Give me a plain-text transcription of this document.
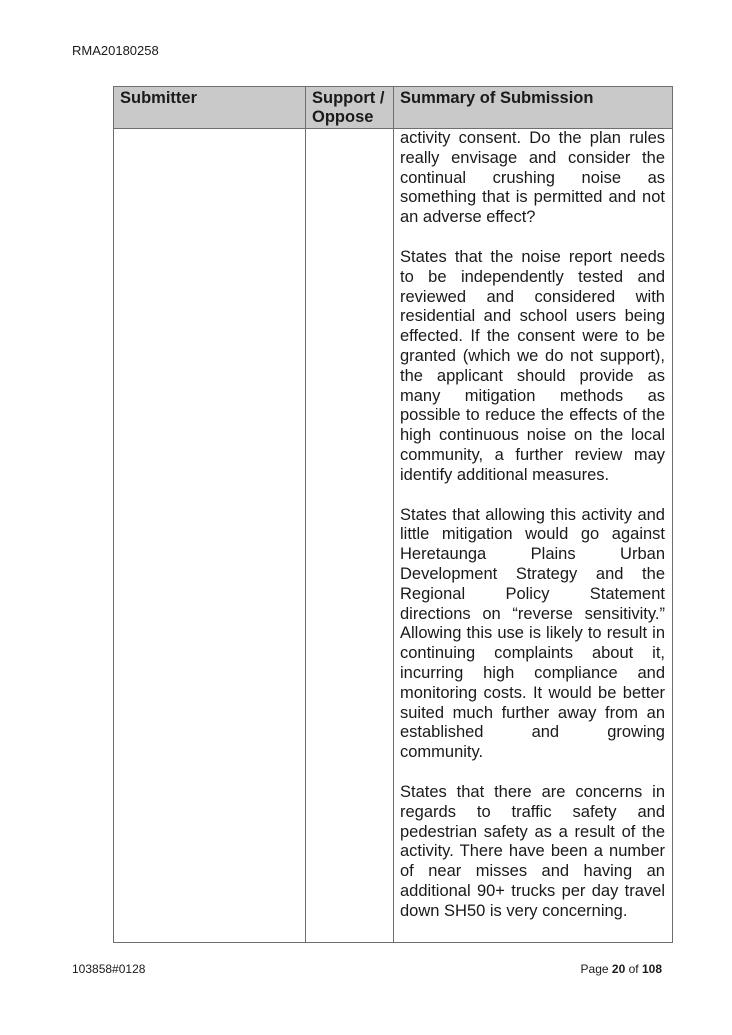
RMA20180258
Submitter	Support / Oppose	Summary of Submission

		activity consent. Do the plan rules really envisage and consider the continual crushing noise as something that is permitted and not an adverse effect?

States that the noise report needs to be independently tested and reviewed and considered with residential and school users being effected. If the consent were to be granted (which we do not support), the applicant should provide as many mitigation methods as possible to reduce the effects of the high continuous noise on the local community, a further review may identify additional measures.

States that allowing this activity and little mitigation would go against Heretaunga Plains Urban Development Strategy and the Regional Policy Statement directions on “reverse sensitivity.” Allowing this use is likely to result in continuing complaints about it, incurring high compliance and monitoring costs. It would be better suited much further away from an established and growing community.

States that there are concerns in regards to traffic safety and pedestrian safety as a result of the activity. There have been a number of near misses and having an additional 90+ trucks per day travel down SH50 is very concerning.

103858#0128	Page 20 of 108
